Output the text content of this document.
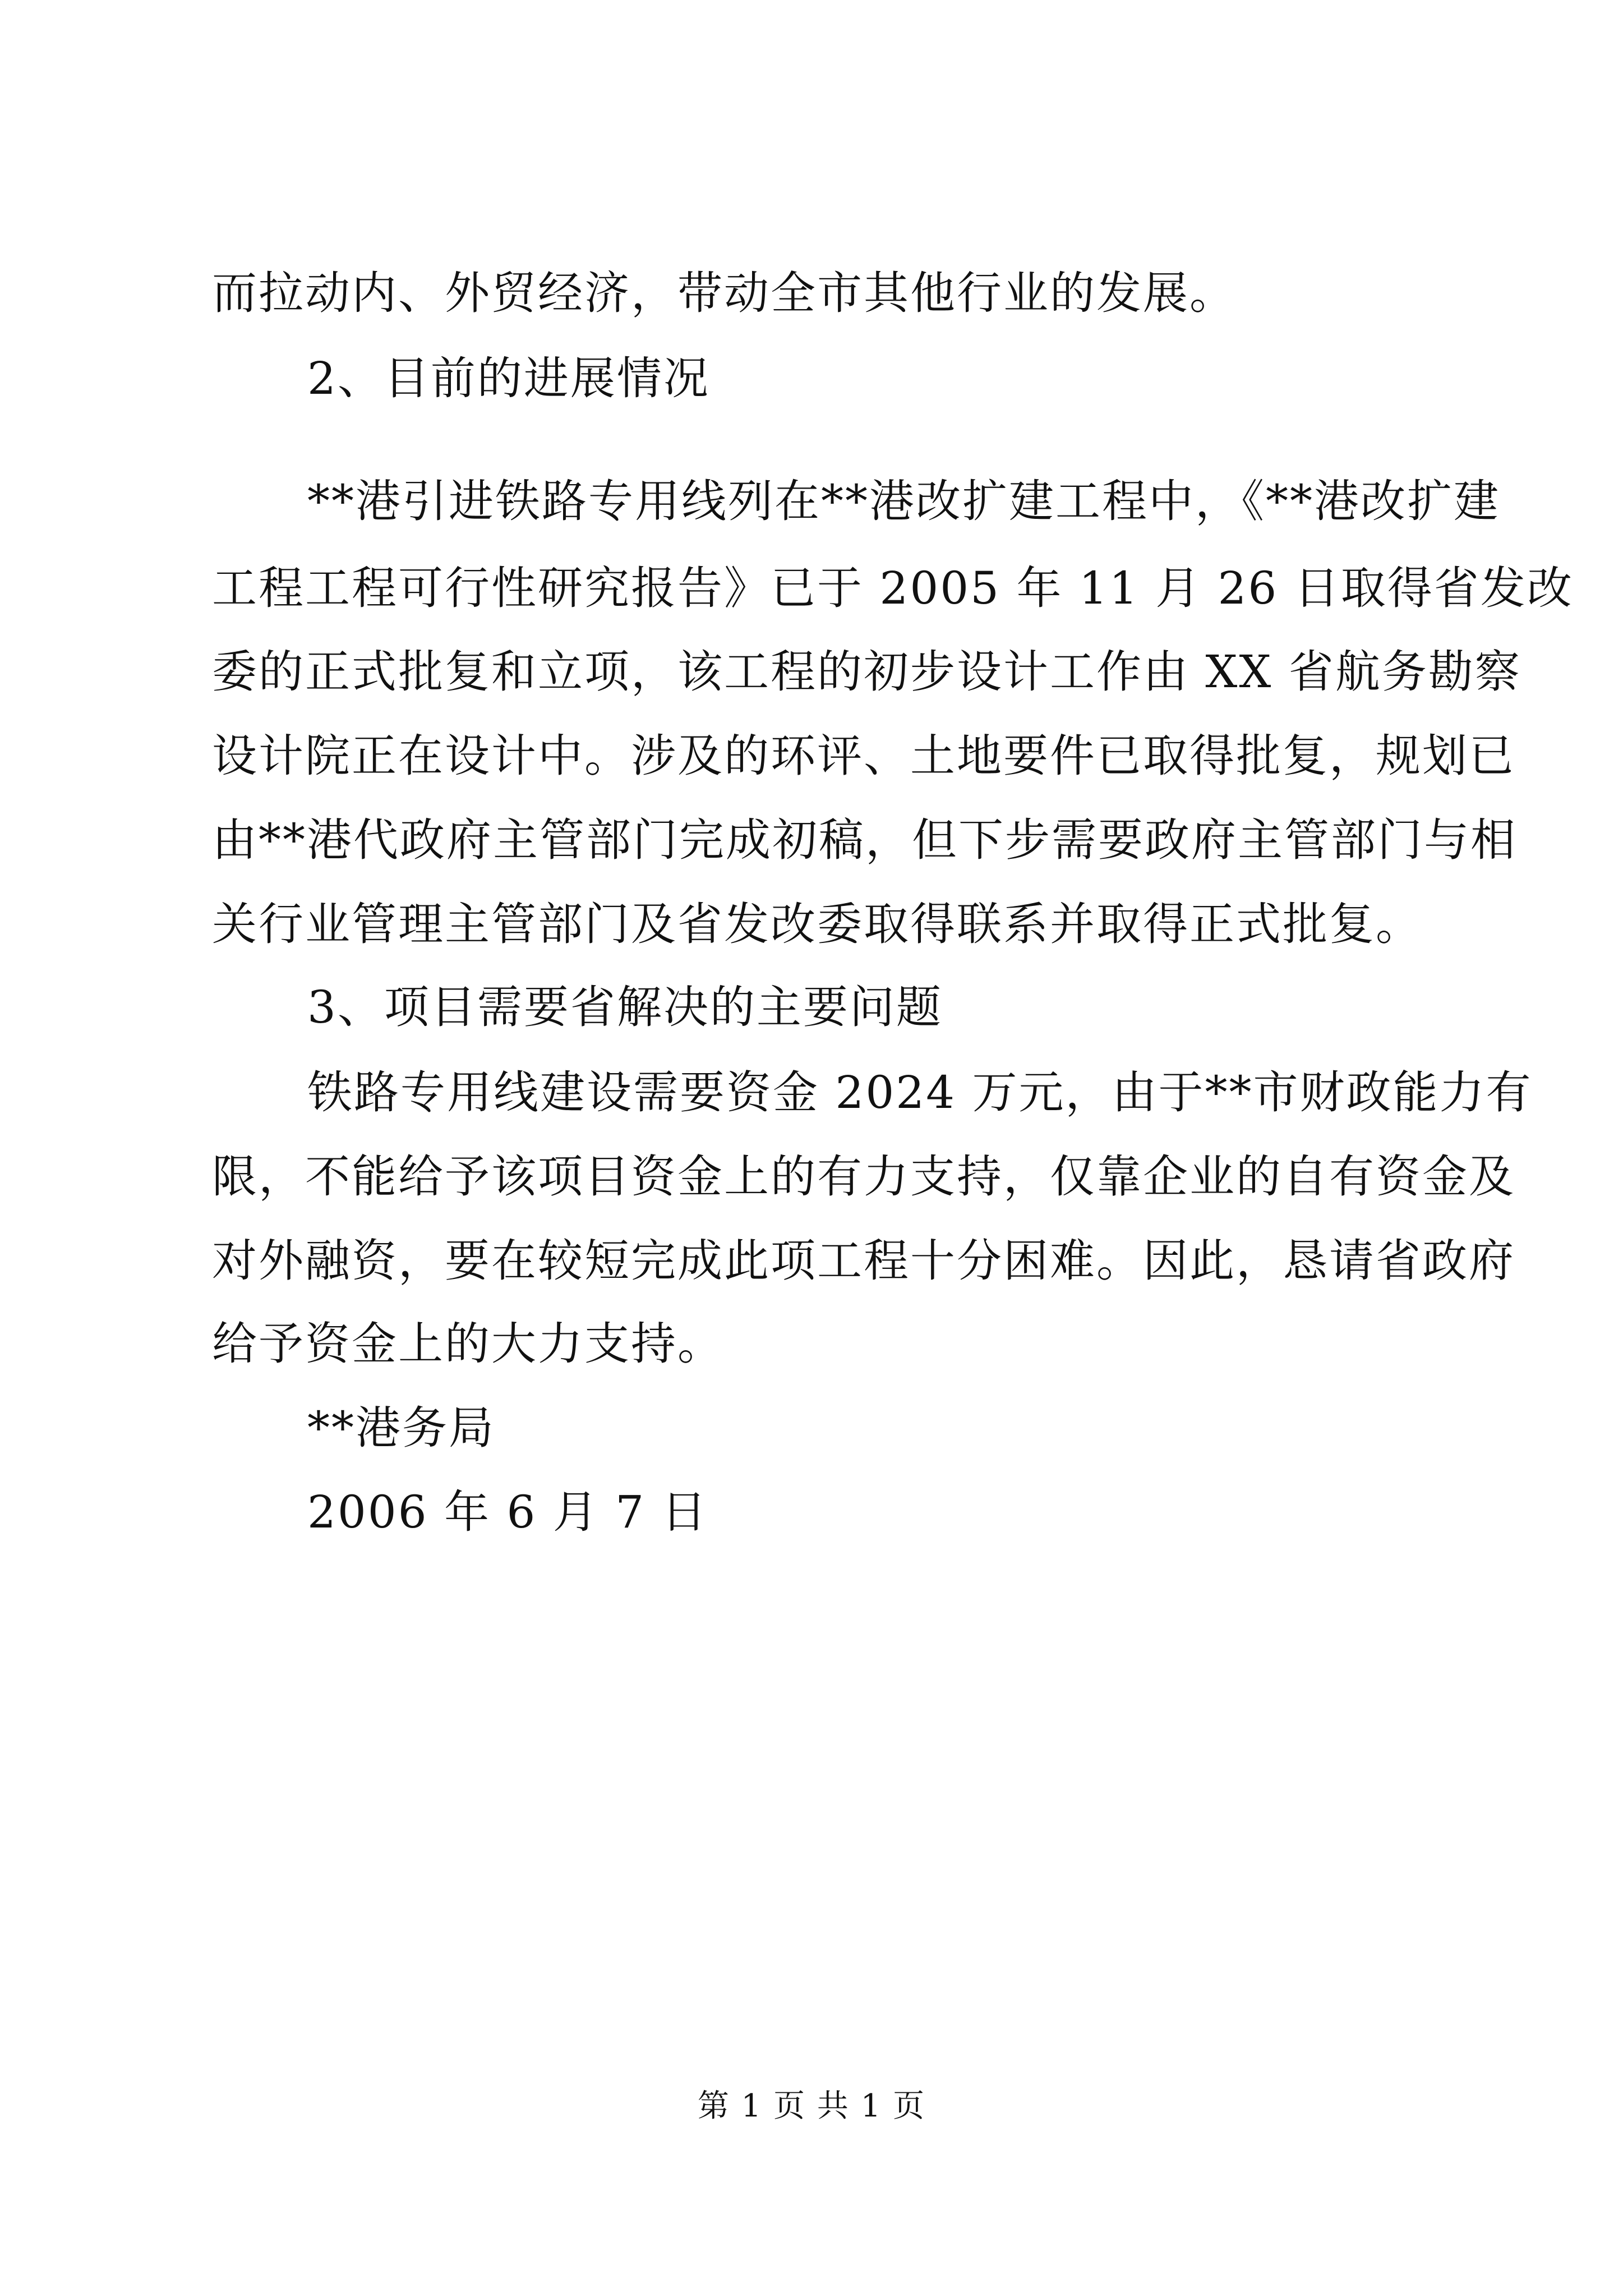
而拉动内、外贸经济，带动全市其他行业的发展。
2、目前的进展情况
**港引进铁路专用线列在**港改扩建工程中，《**港改扩建
工程工程可行性研究报告》已于 2005 年 11 月 26 日取得省发改
委的正式批复和立项，该工程的初步设计工作由 XX 省航务勘察
设计院正在设计中。涉及的环评、土地要件已取得批复，规划已
由**港代政府主管部门完成初稿，但下步需要政府主管部门与相
关行业管理主管部门及省发改委取得联系并取得正式批复。
3、项目需要省解决的主要问题
铁路专用线建设需要资金 2024 万元，由于**市财政能力有
限，不能给予该项目资金上的有力支持，仅靠企业的自有资金及
对外融资，要在较短完成此项工程十分困难。因此，恳请省政府
给予资金上的大力支持。
**港务局
2006 年 6 月 7 日
第 1 页 共 1 页
